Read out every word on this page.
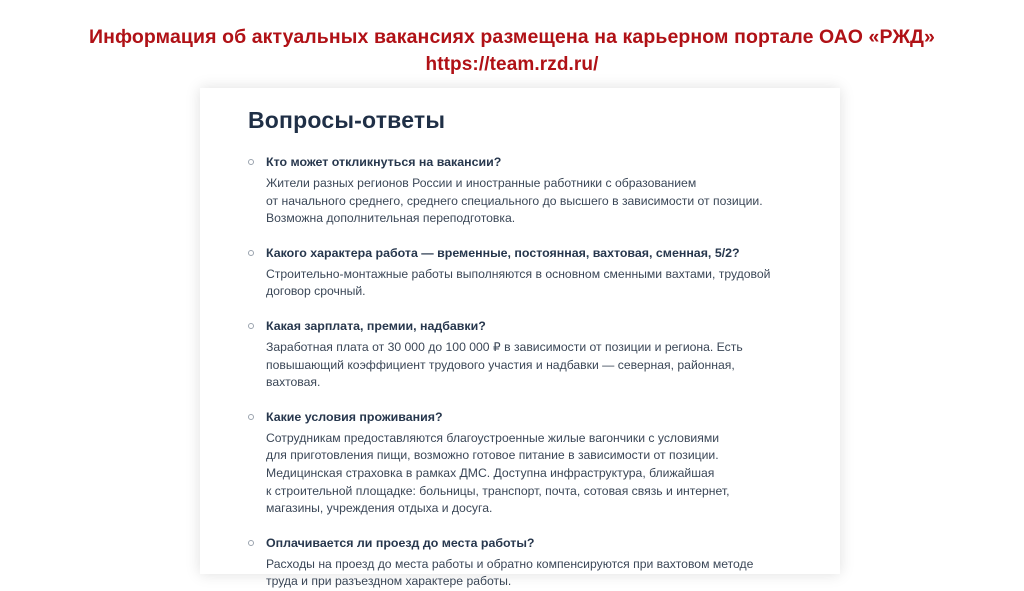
Информация об актуальных вакансиях размещена на карьерном портале ОАО «РЖД»
https://team.rzd.ru/
Вопросы-ответы
Кто может откликнуться на вакансии?
Жители разных регионов России и иностранные работники с образованием
от начального среднего, среднего специального до высшего в зависимости от позиции.
Возможна дополнительная переподготовка.
Какого характера работа — временные, постоянная, вахтовая, сменная, 5/2?
Строительно-монтажные работы выполняются в основном сменными вахтами, трудовой
договор срочный.
Какая зарплата, премии, надбавки?
Заработная плата от 30 000 до 100 000 ₽ в зависимости от позиции и региона. Есть
повышающий коэффициент трудового участия и надбавки — северная, районная,
вахтовая.
Какие условия проживания?
Сотрудникам предоставляются благоустроенные жилые вагончики с условиями
для приготовления пищи, возможно готовое питание в зависимости от позиции.
Медицинская страховка в рамках ДМС. Доступна инфраструктура, ближайшая
к строительной площадке: больницы, транспорт, почта, сотовая связь и интернет,
магазины, учреждения отдыха и досуга.
Оплачивается ли проезд до места работы?
Расходы на проезд до места работы и обратно компенсируются при вахтовом методе
труда и при разъездном характере работы.
